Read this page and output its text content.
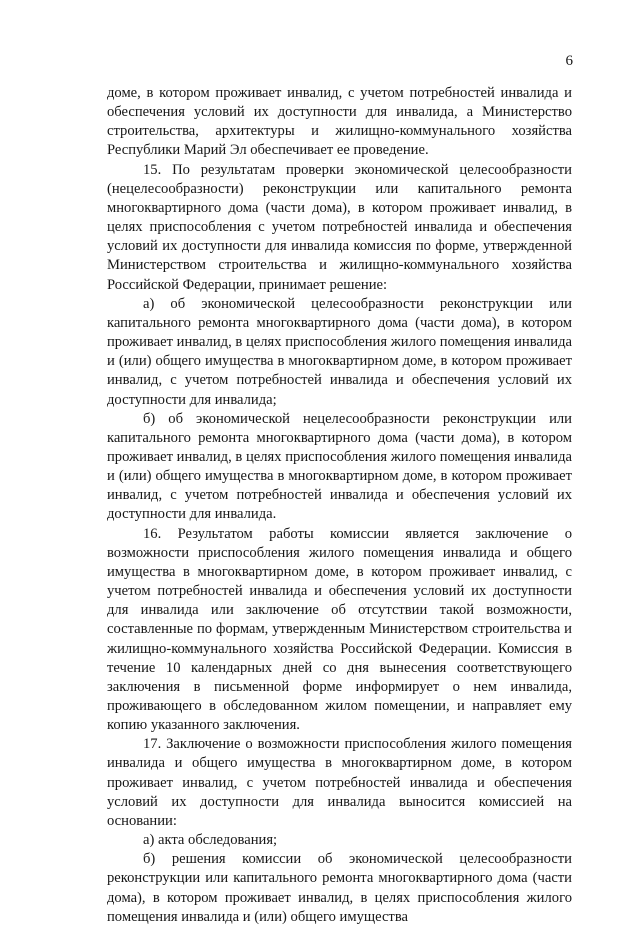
6

доме, в котором проживает инвалид, с учетом потребностей инвалида и обеспечения условий их доступности для инвалида, а Министерство строительства, архитектуры и жилищно-коммунального хозяйства Республики Марий Эл обеспечивает ее проведение.

15. По результатам проверки экономической целесообразности (нецелесообразности) реконструкции или капитального ремонта многоквартирного дома (части дома), в котором проживает инвалид, в целях приспособления с учетом потребностей инвалида и обеспечения условий их доступности для инвалида комиссия по форме, утвержденной Министерством строительства и жилищно-коммунального хозяйства Российской Федерации, принимает решение:

а) об экономической целесообразности реконструкции или капитального ремонта многоквартирного дома (части дома), в котором проживает инвалид, в целях приспособления жилого помещения инвалида и (или) общего имущества в многоквартирном доме, в котором проживает инвалид, с учетом потребностей инвалида и обеспечения условий их доступности для инвалида;

б) об экономической нецелесообразности реконструкции или капитального ремонта многоквартирного дома (части дома), в котором проживает инвалид, в целях приспособления жилого помещения инвалида и (или) общего имущества в многоквартирном доме, в котором проживает инвалид, с учетом потребностей инвалида и обеспечения условий их доступности для инвалида.

16. Результатом работы комиссии является заключение о возможности приспособления жилого помещения инвалида и общего имущества в многоквартирном доме, в котором проживает инвалид, с учетом потребностей инвалида и обеспечения условий их доступности для инвалида или заключение об отсутствии такой возможности, составленные по формам, утвержденным Министерством строительства и жилищно-коммунального хозяйства Российской Федерации. Комиссия в течение 10 календарных дней со дня вынесения соответствующего заключения в письменной форме информирует о нем инвалида, проживающего в обследованном жилом помещении, и направляет ему копию указанного заключения.

17. Заключение о возможности приспособления жилого помещения инвалида и общего имущества в многоквартирном доме, в котором проживает инвалид, с учетом потребностей инвалида и обеспечения условий их доступности для инвалида выносится комиссией на основании:

а) акта обследования;

б) решения комиссии об экономической целесообразности реконструкции или капитального ремонта многоквартирного дома (части дома), в котором проживает инвалид, в целях приспособления жилого помещения инвалида и (или) общего имущества
